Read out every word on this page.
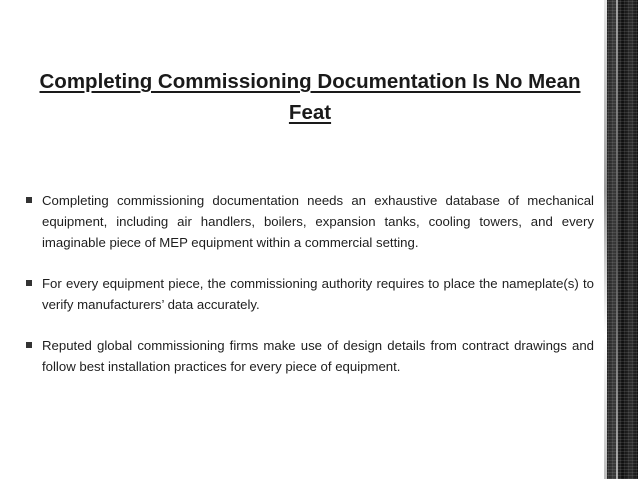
Completing Commissioning Documentation Is No Mean Feat
Completing commissioning documentation needs an exhaustive database of mechanical equipment, including air handlers, boilers, expansion tanks, cooling towers, and every imaginable piece of MEP equipment within a commercial setting.
For every equipment piece, the commissioning authority requires to place the nameplate(s) to verify manufacturers’ data accurately.
Reputed global commissioning firms make use of design details from contract drawings and follow best installation practices for every piece of equipment.
